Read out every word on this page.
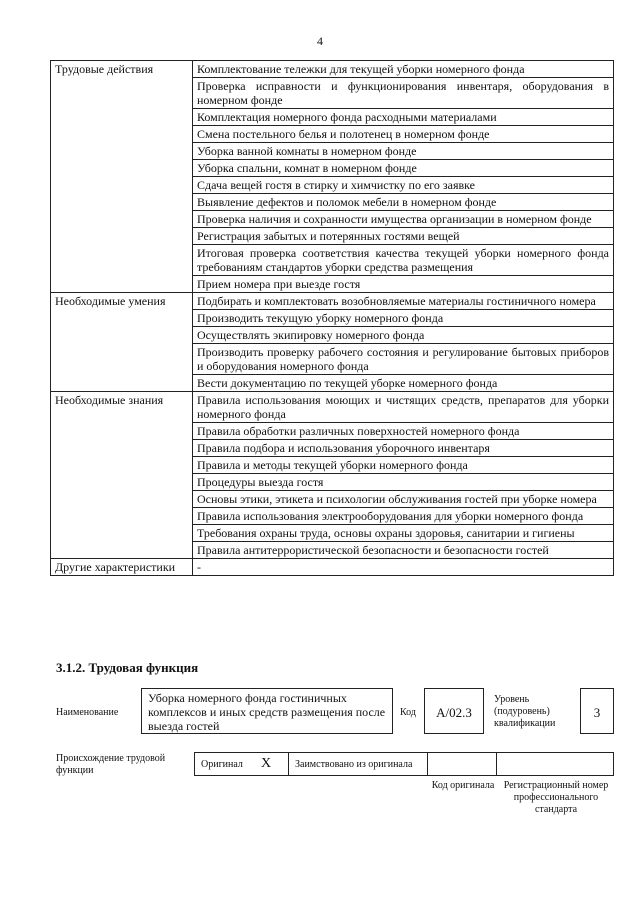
4
Трудовые действия	Комплектование тележки для текущей уборки номерного фонда
	Проверка исправности и функционирования инвентаря, оборудования в номерном фонде
	Комплектация номерного фонда расходными материалами
	Смена постельного белья и полотенец в номерном фонде
	Уборка ванной комнаты в номерном фонде
	Уборка спальни, комнат в номерном фонде
	Сдача вещей гостя в стирку и химчистку по его заявке
	Выявление дефектов и поломок мебели в номерном фонде
	Проверка наличия и сохранности имущества организации в номерном фонде
	Регистрация забытых и потерянных гостями вещей
	Итоговая проверка соответствия качества текущей уборки номерного фонда требованиям стандартов уборки средства размещения
	Прием номера при выезде гостя
Необходимые умения	Подбирать и комплектовать возобновляемые материалы гостиничного номера
	Производить текущую уборку номерного фонда
	Осуществлять экипировку номерного фонда
	Производить проверку рабочего состояния и регулирование бытовых приборов и оборудования номерного фонда
	Вести документацию по текущей уборке номерного фонда
Необходимые знания	Правила использования моющих и чистящих средств, препаратов для уборки номерного фонда
	Правила обработки различных поверхностей номерного фонда
	Правила подбора и использования уборочного инвентаря
	Правила и методы текущей уборки номерного фонда
	Процедуры выезда гостя
	Основы этики, этикета и психологии обслуживания гостей при уборке номера
	Правила использования электрооборудования для уборки номерного фонда
	Требования охраны труда, основы охраны здоровья, санитарии и гигиены
	Правила антитеррористической безопасности и безопасности гостей
Другие характеристики	-
3.1.2. Трудовая функция
Наименование
Уборка номерного фонда гостиничных комплексов и иных средств размещения после выезда гостей
Код	A/02.3
Уровень (подуровень) квалификации
3
Происхождение трудовой функции
Оригинал X	Заимствовано из оригинала
Код оригинала Регистрационный номер профессионального стандарта
